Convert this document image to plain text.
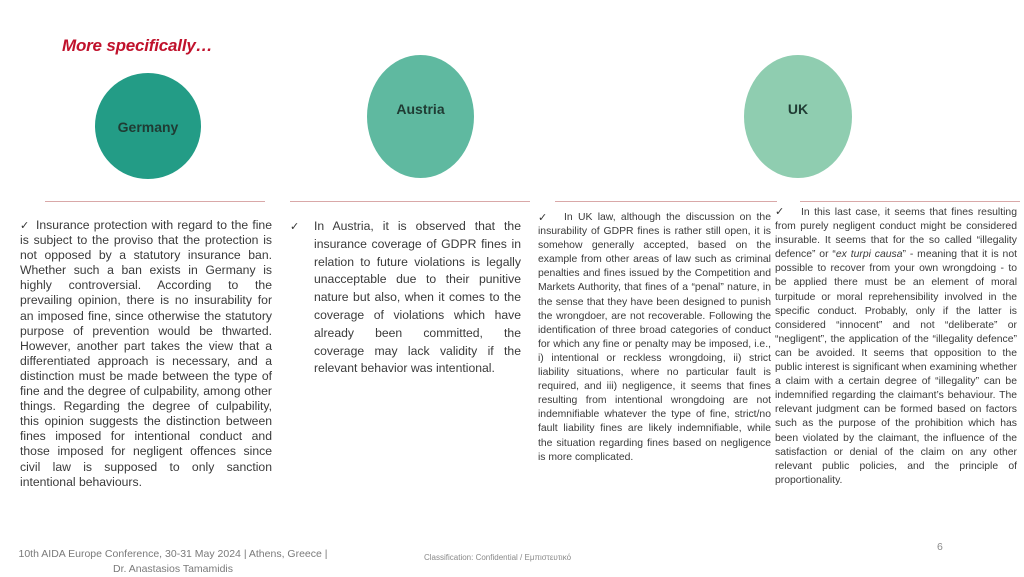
More specifically…
Germany
Austria	UK
✓ Insurance protection with regard to the fine is subject to the proviso that the protection is not opposed by a statutory insurance ban. Whether such a ban exists in Germany is highly controversial. According to the prevailing opinion, there is no insurability for an imposed fine, since otherwise the statutory purpose of prevention would be thwarted. However, another part takes the view that a differentiated approach is necessary, and a distinction must be made between the type of fine and the degree of culpability, among other things. Regarding the degree of culpability, this opinion suggests the distinction between fines imposed for intentional conduct and those imposed for negligent offences since civil law is supposed to only sanction intentional behaviours.

✓	In Austria, it is observed that the insurance coverage of GDPR fines in relation to future violations is legally unacceptable due to their punitive nature but also, when it comes to the coverage of violations which have already been committed, the coverage may lack validity if the relevant behavior was intentional.

✓	In UK law, although the discussion on the insurability of GDPR fines is rather still open, it is somehow generally accepted, based on the example from other areas of law such as criminal penalties and fines issued by the Competition and Markets Authority, that fines of a “penal” nature, in the sense that they have been designed to punish the wrongdoer, are not recoverable. Following the identification of three broad categories of conduct for which any fine or penalty may be imposed, i.e., i) intentional or reckless wrongdoing, ii) strict liability situations, where no particular fault is required, and iii) negligence, it seems that fines resulting from intentional wrongdoing are not indemnifiable whatever the type of fine, strict/no fault liability fines are likely indemnifiable, while the situation regarding fines based on negligence is more complicated.

✓	In this last case, it seems that fines resulting from purely negligent conduct might be considered insurable. It seems that for the so called “illegality defence” or “ex turpi causa” - meaning that it is not possible to recover from your own wrongdoing - to be applied there must be an element of moral turpitude or moral reprehensibility involved in the specific conduct. Probably, only if the latter is considered “innocent” and not “deliberate” or “negligent”, the application of the “illegality defence” can be avoided. It seems that opposition to the public interest is significant when examining whether a claim with a certain degree of “illegality” can be indemnified regarding the claimant’s behaviour. The relevant judgment can be formed based on factors such as the purpose of the prohibition which has been violated by the claimant, the influence of the satisfaction or denial of the claim on any other relevant public policies, and the principle of proportionality.

10th AIDA Europe Conference, 30-31 May 2024 | Athens, Greece | Dr. Anastasios Tamamidis
Classification: Confidential / Εμπιστευτικό
6
